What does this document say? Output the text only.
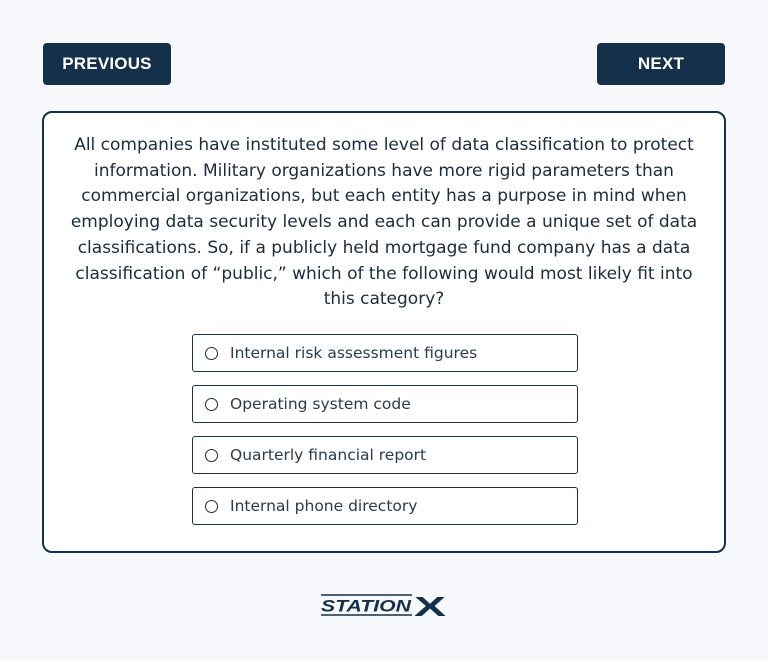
PREVIOUS	NEXT

All companies have instituted some level of data classification to protect information. Military organizations have more rigid parameters than commercial organizations, but each entity has a purpose in mind when employing data security levels and each can provide a unique set of data classifications. So, if a publicly held mortgage fund company has a data classification of “public,” which of the following would most likely fit into this category?

Internal risk assessment figures
Operating system code
Quarterly financial report
Internal phone directory
STATION X
